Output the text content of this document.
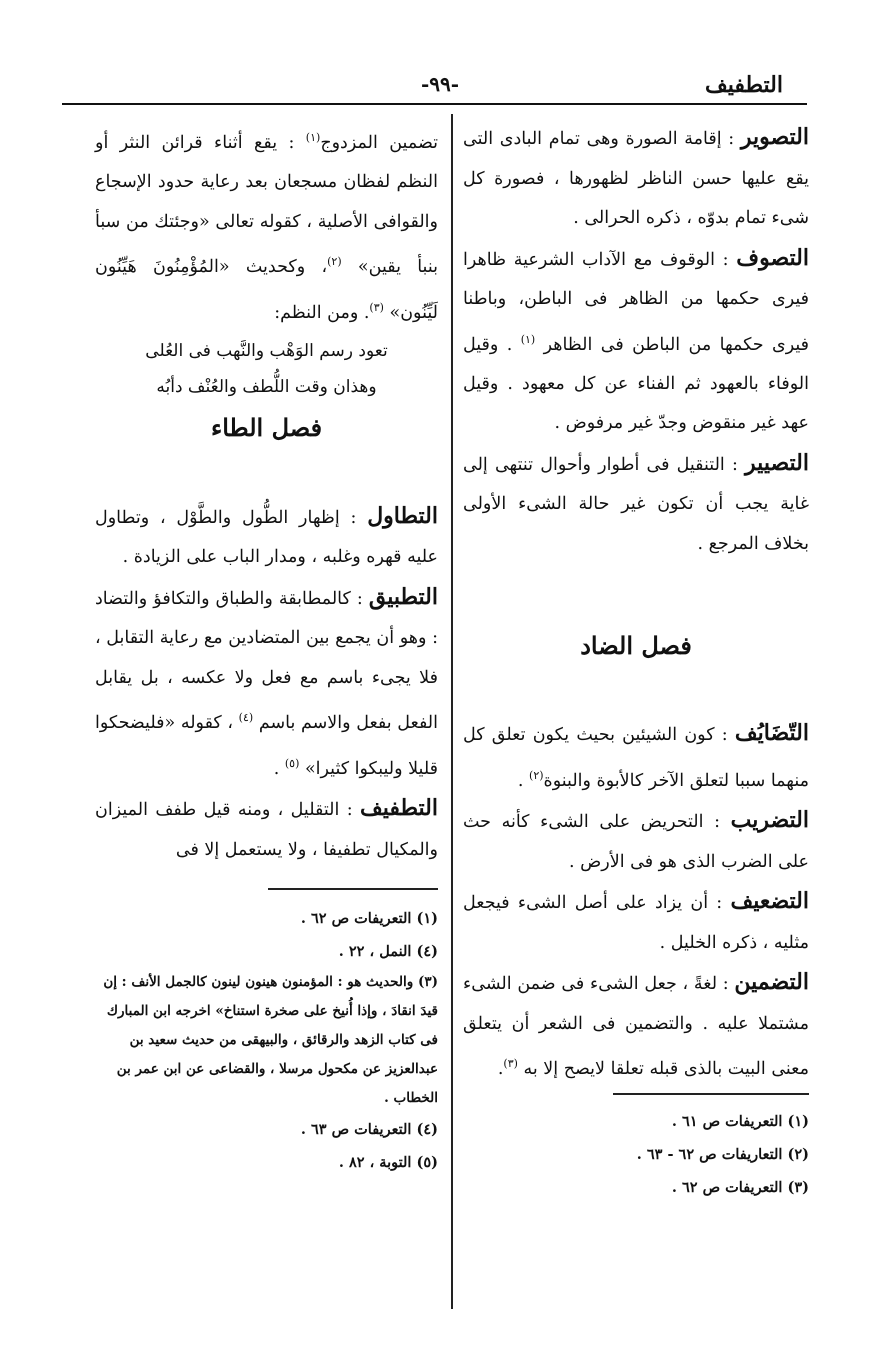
التطفيف
-٩٩-

التصوير : إقامة الصورة وهى تمام البادى التى يقع عليها حسن الناظر لظهورها ، فصورة كل شىء تمام بدوّه ، ذكره الحرالى .

التصوف : الوقوف مع الآداب الشرعية ظاهرا فيرى حكمها من الظاهر فى الباطن، وباطنا فيرى حكمها من الباطن فى الظاهر $^{(١)}$ . وقيل الوفاء بالعهود ثم الفناء عن كل معهود . وقيل عهد غير منقوض وجدّ غير مرفوض .

التصيير : التنقيل فى أطوار وأحوال تنتهى إلى غاية يجب أن تكون غير حالة الشىء الأولى بخلاف المرجع .

فصل الضاد

التّضَايُف : كون الشيئين بحيث يكون تعلق كل منهما سببا لتعلق الآخر كالأبوة والبنوة$^{(٢)}$ .

التضريب : التحريض على الشىء كأنه حث على الضرب الذى هو فى الأرض .

التضعيف : أن يزاد على أصل الشىء فيجعل مثليه ، ذكره الخليل .

التضمين : لغةً ، جعل الشىء فى ضمن الشىء مشتملا عليه . والتضمين فى الشعر أن يتعلق معنى البيت بالذى قبله تعلقا لايصح إلا به $^{(٣)}$.

(١) التعريفات ص ٦١ .

(٢) التعاريفات ص ٦٢ - ٦٣ .

(٣) التعريفات ص ٦٢ .

تضمين المزدوج$^{(١)}$ : يقع أثناء قرائن النثر أو النظم لفظان مسجعان بعد رعاية حدود الإسجاع والقوافى الأصلية ، كقوله تعالى «وجئتك من سبأ بنبأ يقين» $^{(٢)}$، وكحديث «المُؤْمِنُونَ هَيِّنُون لَيِّنُون» $^{(٣)}$. ومن النظم:

تعود رسم الوَهْب والنَّهب فى العُلى

وهذان وقت اللُّطف والعُنْف دأبُه

فصل الطاء

التطاول : إظهار الطُّول والطَّوْل ، وتطاول عليه قهره وغلبه ، ومدار الباب على الزيادة .

التطبيق : كالمطابقة والطباق والتكافؤ والتضاد : وهو أن يجمع بين المتضادين مع رعاية التقابل ، فلا يجىء باسم مع فعل ولا عكسه ، بل يقابل الفعل بفعل والاسم باسم $^{(٤)}$ ، كقوله «فليضحكوا قليلا وليبكوا كثيرا» $^{(٥)}$ .

التطفيف : التقليل ، ومنه قيل طفف الميزان والمكيال تطفيفا ، ولا يستعمل إلا فى

(١) التعريفات ص ٦٢ .

(٤) النمل ، ٢٢ .

(٣) والحديث هو : المؤمنون هينون لينون كالجمل الأنف : إن قيدَ انقادَ ، وإذا أُنيخ على صخرة استناخ» اخرجه ابن المبارك فى كتاب الزهد والرقائق ، والبيهقى من حديث سعيد بن عبدالعزيز عن مكحول مرسلا ، والقضاعى عن ابن عمر بن الخطاب .

(٤) التعريفات ص ٦٣ .

(٥) التوبة ، ٨٢ .
